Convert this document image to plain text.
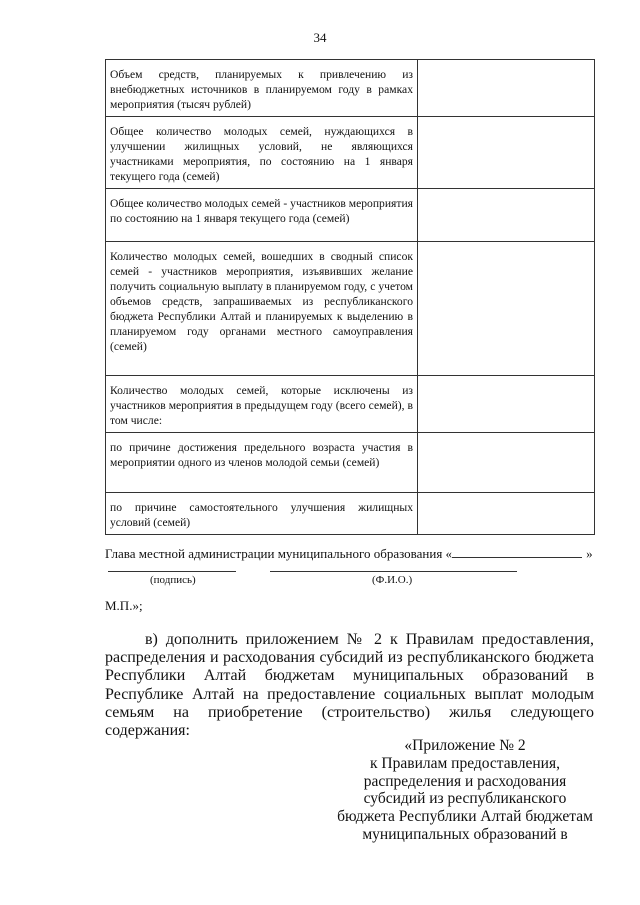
34
Объем средств, планируемых к привлечению из внебюджетных источников в планируемом году в рамках мероприятия (тысяч рублей)	
Общее количество молодых семей, нуждающихся в улучшении жилищных условий, не являющихся участниками мероприятия, по состоянию на 1 января текущего года (семей)	
Общее количество молодых семей - участников мероприятия по состоянию на 1 января текущего года (семей)	
Количество молодых семей, вошедших в сводный список семей - участников мероприятия, изъявивших желание получить социальную выплату в планируемом году, с учетом объемов средств, запрашиваемых из республиканского бюджета Республики Алтай и планируемых к выделению в планируемом году органами местного самоуправления (семей)	
Количество молодых семей, которые исключены из участников мероприятия в предыдущем году (всего семей), в том числе:	
по причине достижения предельного возраста участия в мероприятии одного из членов молодой семьи (семей)	
по причине самостоятельного улучшения жилищных условий (семей)	
Глава местной администрации муниципального образования «	»
(подпись)	(Ф.И.О.)
М.П.»;
в) дополнить приложением № 2 к Правилам предоставления, распределения и расходования субсидий из республиканского бюджета Республики Алтай бюджетам муниципальных образований в Республике Алтай на предоставление социальных выплат молодым семьям на приобретение (строительство) жилья следующего содержания:
«Приложение № 2
к Правилам предоставления,
распределения и расходования
субсидий из республиканского
бюджета Республики Алтай бюджетам
муниципальных образований в
